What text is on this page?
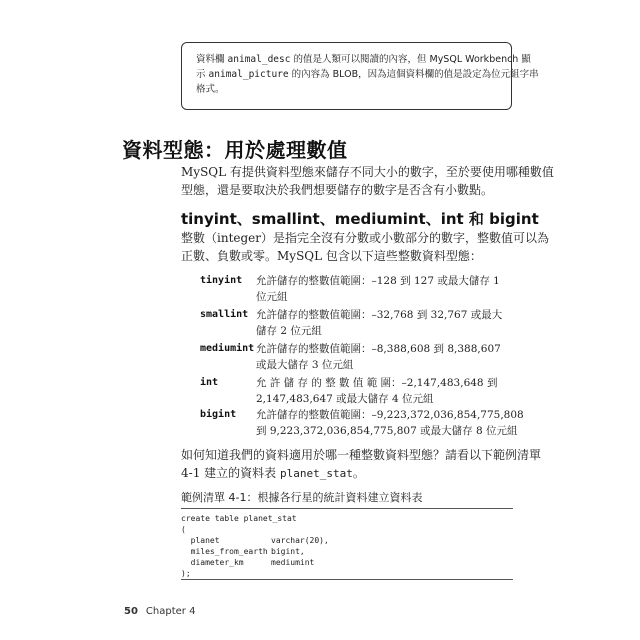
資料欄 animal_desc 的值是人類可以閱讀的內容，但 MySQL Workbench 顯
示 animal_picture 的內容為 BLOB，因為這個資料欄的值是設定為位元組字串
格式。
資料型態：用於處理數值
MySQL 有提供資料型態來儲存不同大小的數字，至於要使用哪種數值
型態，還是要取決於我們想要儲存的數字是否含有小數點。
tinyint、smallint、mediumint、int 和 bigint
整數（integer）是指完全沒有分數或小數部分的數字，整數值可以為
正數、負數或零。MySQL 包含以下這些整數資料型態：
tinyint 允許儲存的整數值範圍：–128 到 127 或最大儲存 1
位元組
smallint 允許儲存的整數值範圍：–32,768 到 32,767 或最大
儲存 2 位元組
mediumint 允許儲存的整數值範圍：–8,388,608 到 8,388,607
或最大儲存 3 位元組
int	允 許 儲 存 的 整 數 值 範 圍：–2,147,483,648 到
2,147,483,647 或最大儲存 4 位元組
bigint 允許儲存的整數值範圍：–9,223,372,036,854,775,808
到 9,223,372,036,854,775,807 或最大儲存 8 位元組
如何知道我們的資料適用於哪一種整數資料型態？請看以下範例清單
4-1 建立的資料表 planet_stat。
範例清單 4-1：根據各行星的統計資料建立資料表
create table planet_stat
(
planet	varchar(20),
miles_from_earth bigint,
diameter_km	mediumint
);
50 Chapter 4
